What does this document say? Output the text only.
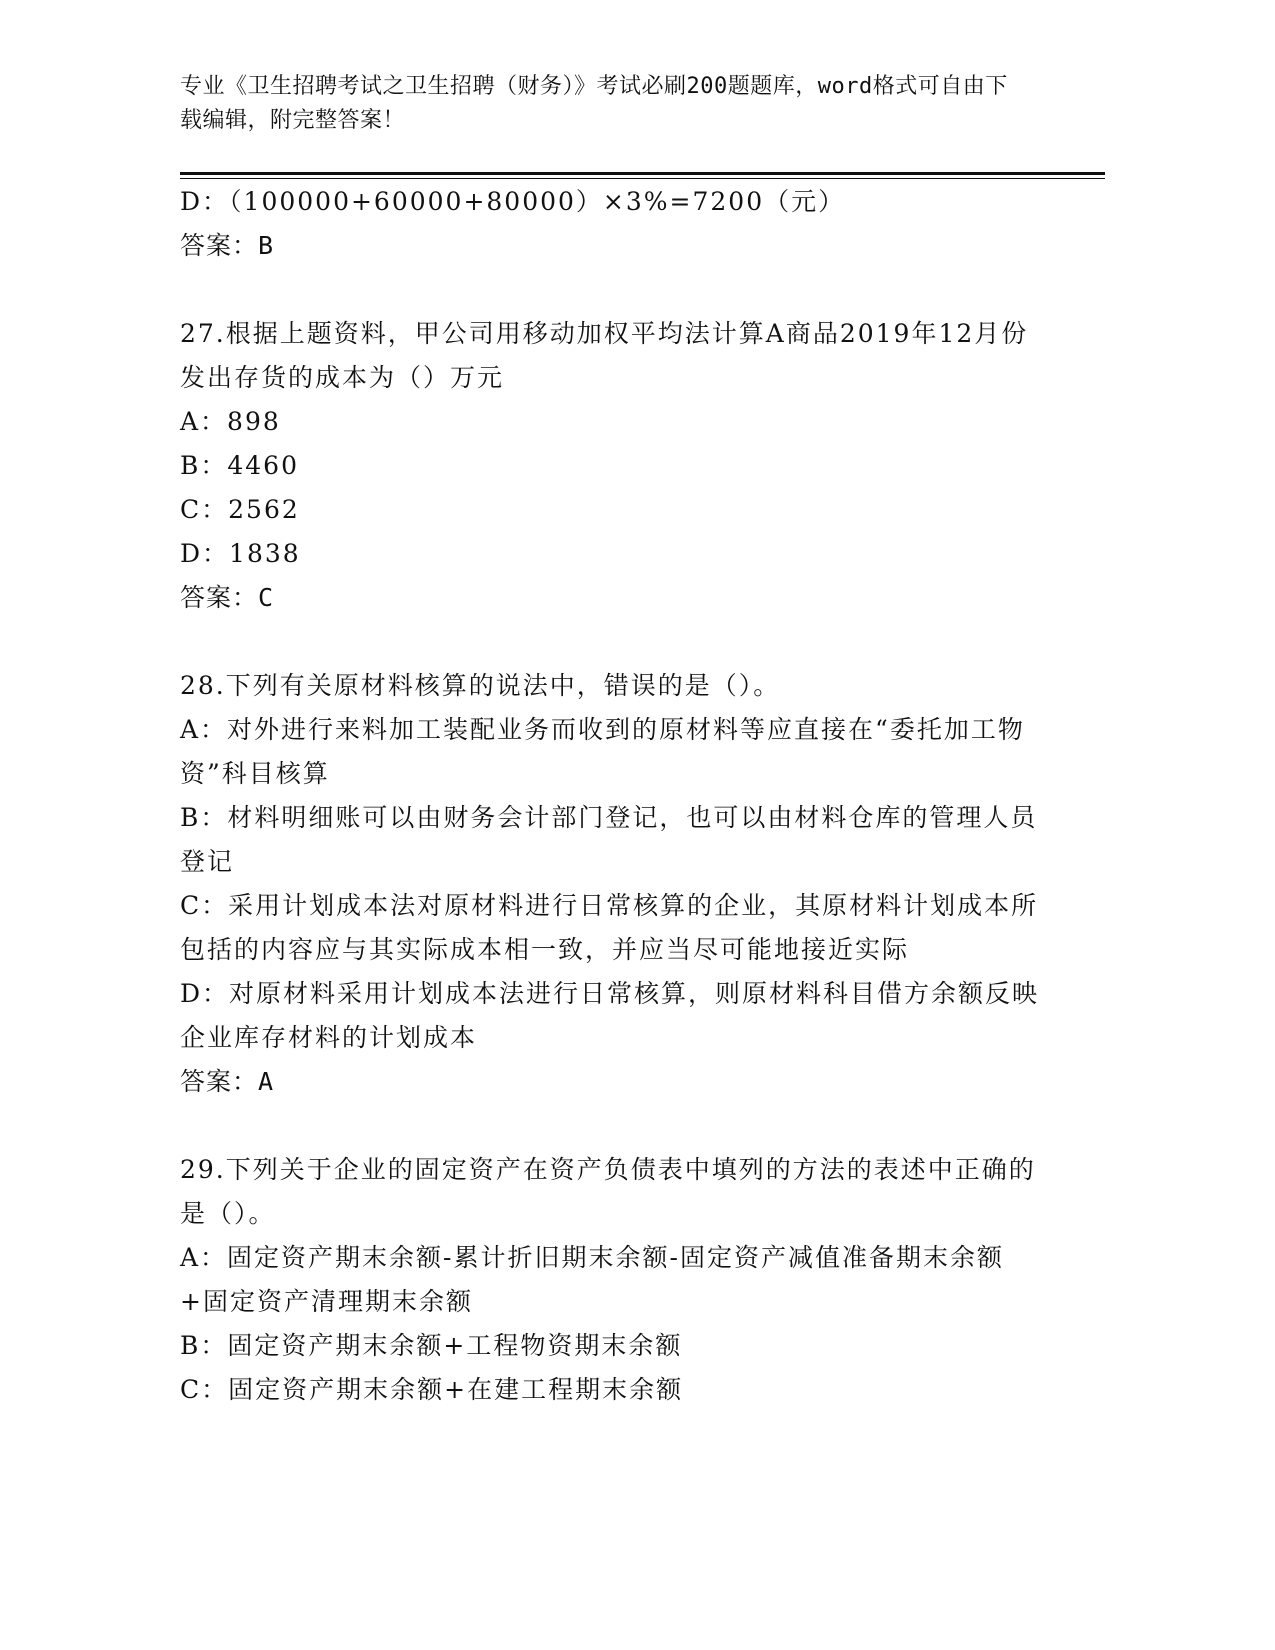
专业《卫生招聘考试之卫生招聘（财务）》考试必刷200题题库，word格式可自由下载编辑，附完整答案！

D：（100000+60000+80000）×3%=7200（元）

答案：B

27.根据上题资料，甲公司用移动加权平均法计算A商品2019年12月份发出存货的成本为（）万元

A：898

B：4460

C：2562

D：1838

答案：C

28.下列有关原材料核算的说法中，错误的是（）。

A：对外进行来料加工装配业务而收到的原材料等应直接在“委托加工物资”科目核算

B：材料明细账可以由财务会计部门登记，也可以由材料仓库的管理人员登记

C：采用计划成本法对原材料进行日常核算的企业，其原材料计划成本所包括的内容应与其实际成本相一致，并应当尽可能地接近实际

D：对原材料采用计划成本法进行日常核算，则原材料科目借方余额反映企业库存材料的计划成本

答案：A

29.下列关于企业的固定资产在资产负债表中填列的方法的表述中正确的是（）。

A：固定资产期末余额-累计折旧期末余额-固定资产减值准备期末余额+固定资产清理期末余额

B：固定资产期末余额+工程物资期末余额

C：固定资产期末余额+在建工程期末余额
